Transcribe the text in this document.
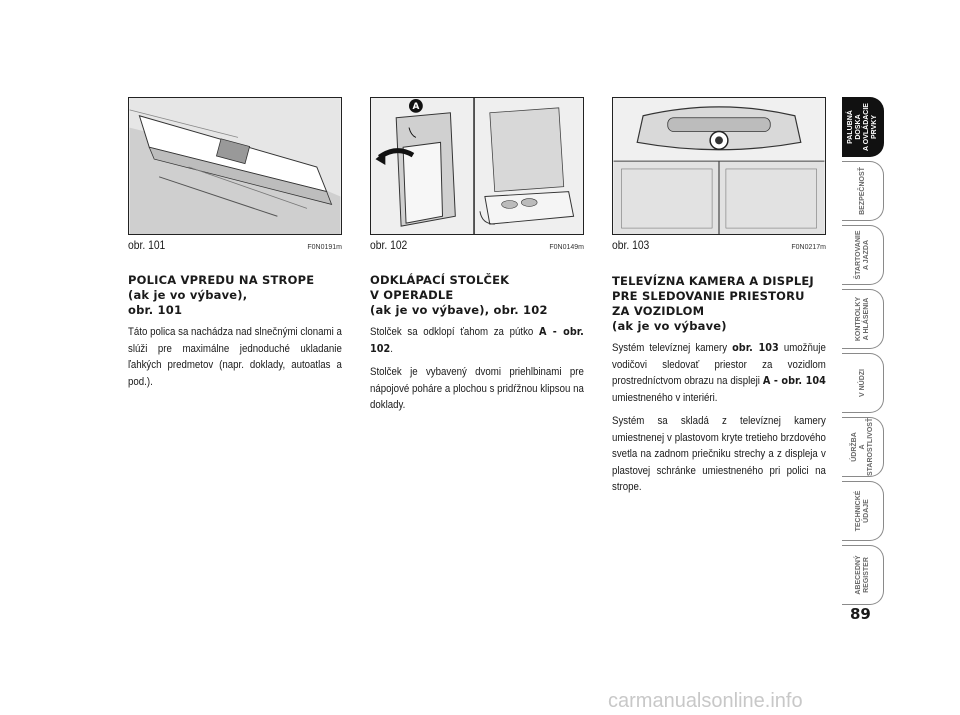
obr. 101	F0N0191m
POLICA VPREDU NA STROPE
(ak je vo výbave),
obr. 101

Táto polica sa nachádza nad slnečnými clonami a slúži pre maximálne jednoduché ukladanie ľahkých predmetov (napr. doklady, autoatlas a pod.).

A
obr. 102	F0N0149m
ODKLÁPACÍ STOLČEK
V OPERADLE
(ak je vo výbave), obr. 102

Stolček sa odklopí ťahom za pútko A - obr. 102.

Stolček je vybavený dvomi priehlbinami pre nápojové poháre a plochou s pridŕžnou klipsou na doklady.

obr. 103	F0N0217m
TELEVÍZNA KAMERA A DISPLEJ
PRE SLEDOVANIE PRIESTORU
ZA VOZIDLOM
(ak je vo výbave)

Systém televíznej kamery obr. 103 umožňuje vodičovi sledovať priestor za vozidlom prostredníctvom obrazu na displeji A - obr. 104 umiestneného v interiéri.

Systém sa skladá z televíznej kamery umiestnenej v plastovom kryte tretieho brzdového svetla na zadnom priečniku strechy a z displeja v plastovej schránke umiestneného pri polici na strope.

PALUBNÁ DOSKA
A OVLÁDACIE PRVKY
BEZPEČNOSŤ
ŠTARTOVANIE
A JAZDA
KONTROLKY
A HLÁSENIA
V NÚDZI
ÚDRŽBA
A STAROSTLIVOSŤ
TECHNICKÉ
ÚDAJE
ABECEDNÝ
REGISTER
89
carmanualsonline.info
